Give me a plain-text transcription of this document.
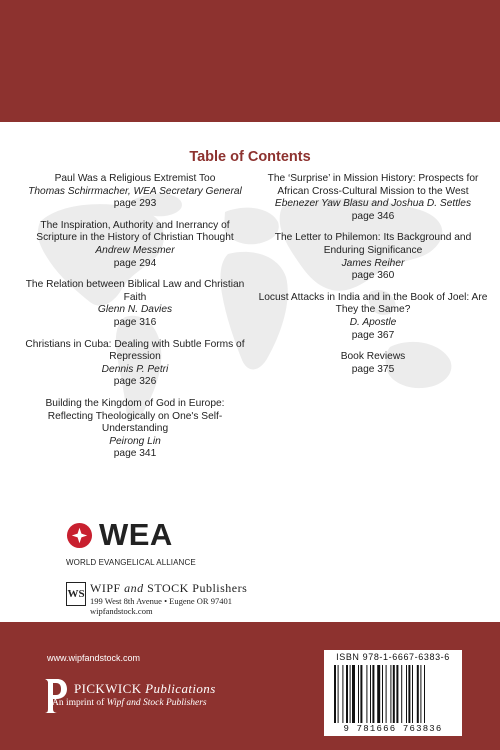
Table of Contents
Paul Was a Religious Extremist Too
Thomas Schirrmacher, WEA Secretary General
page 293
The Inspiration, Authority and Inerrancy of Scripture in the History of Christian Thought
Andrew Messmer
page 294
The Relation between Biblical Law and Christian Faith
Glenn N. Davies
page 316
Christians in Cuba: Dealing with Subtle Forms of Repression
Dennis P. Petri
page 326
Building the Kingdom of God in Europe: Reflecting Theologically on One's Self-Understanding
Peirong Lin
page 341
The ‘Surprise’ in Mission History: Prospects for African Cross-Cultural Mission to the West
Ebenezer Yaw Blasu and Joshua D. Settles
page 346
The Letter to Philemon: Its Background and Enduring Significance
James Reiher
page 360
Locust Attacks in India and in the Book of Joel: Are They the Same?
D. Apostle
page 367
Book Reviews
page 375
WEA
WORLD EVANGELICAL ALLIANCE
WS WIPF and STOCK Publishers
199 West 8th Avenue • Eugene OR 97401
wipfandstock.com
www.wipfandstock.com
PICKWICK Publications
An imprint of Wipf and Stock Publishers
ISBN 978-1-6667-6383-6
9 781666 763836
